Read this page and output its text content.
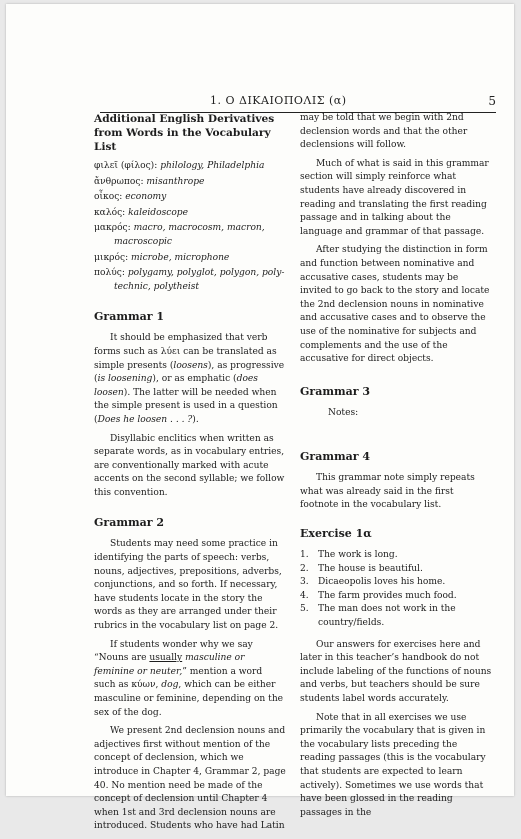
1. Ο ΔΙΚΑΙΟΠΟΛΙΣ (α)	5
Additional English Derivatives from Words in the Vocabulary List
φιλεῖ (φίλος): philology, Philadelphia
ἄνθρωπος: misanthrope
οἶκος: economy
καλός: kaleidoscope
μακρός: macro, macrocosm, macron,
macroscopic
μικρός: microbe, microphone
πολύς: polygamy, polyglot, polygon, poly-
technic, polytheist
Grammar 1

It should be emphasized that verb forms such as λύει can be translated as simple presents (loosens), as progressive (is loosening), or as emphatic (does loosen). The latter will be needed when the simple present is used in a question (Does he loosen . . . ?).

Disyllabic enclitics when written as separate words, as in vocabulary entries, are conventionally marked with acute accents on the second syllable; we follow this convention.

Grammar 2

Students may need some practice in identifying the parts of speech: verbs, nouns, adjectives, prepositions, adverbs, conjunctions, and so forth. If necessary, have students locate in the story the words as they are arranged under their rubrics in the vocabulary list on page 2.

If students wonder why we say “Nouns are usually masculine or feminine or neuter,” mention a word such as κύων, dog, which can be either masculine or feminine, depending on the sex of the dog.

We present 2nd declension nouns and adjectives first without mention of the concept of declension, which we introduce in Chapter 4, Grammar 2, page 40. No mention need be made of the concept of declension until Chapter 4 when 1st and 3rd declension nouns are introduced. Students who have had Latin

may be told that we begin with 2nd declension words and that the other declensions will follow.

Much of what is said in this grammar section will simply reinforce what students have already discovered in reading and translating the first reading passage and in talking about the language and grammar of that passage.

After studying the distinction in form and function between nominative and accusative cases, students may be invited to go back to the story and locate the 2nd declension nouns in nominative and accusative cases and to observe the use of the nominative for subjects and complements and the use of the accusative for direct objects.

Grammar 3

Notes:

Grammar 4

This grammar note simply repeats what was already said in the first footnote in the vocabulary list.

Exercise 1α
1.	The work is long.
2.	The house is beautiful.
3.	Dicaeopolis loves his home.
4.	The farm provides much food.
5.	The man does not work in the country/fields.

Our answers for exercises here and later in this teacher’s handbook do not include labeling of the functions of nouns and verbs, but teachers should be sure students label words accurately.

Note that in all exercises we use primarily the vocabulary that is given in the vocabulary lists preceding the reading passages (this is the vocabulary that students are expected to learn actively). Sometimes we use words that have been glossed in the reading passages in the
